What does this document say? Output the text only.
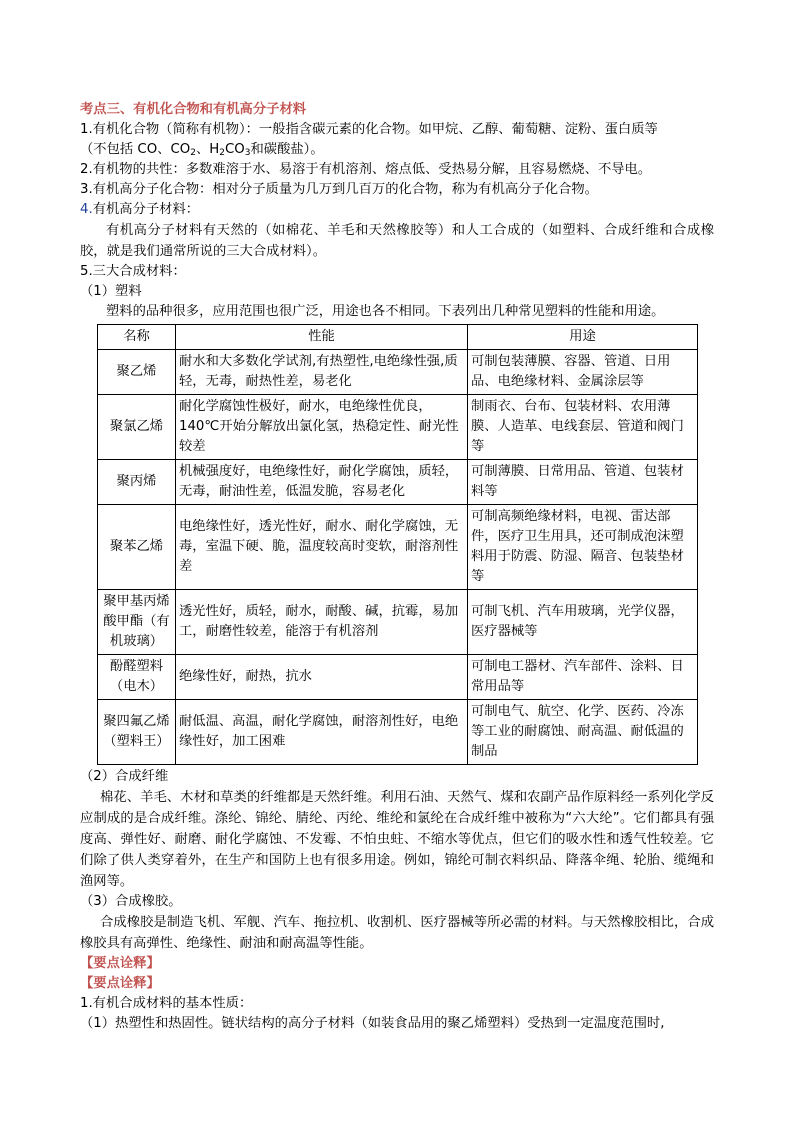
考点三、有机化合物和有机高分子材料
1.有机化合物（简称有机物）：一般指含碳元素的化合物。如甲烷、乙醇、葡萄糖、淀粉、蛋白质等
（不包括 CO、$CO_2$、$H_2CO_3$和碳酸盐）。
2.有机物的共性：多数难溶于水、易溶于有机溶剂、熔点低、受热易分解，且容易燃烧、不导电。
3.有机高分子化合物：相对分子质量为几万到几百万的化合物，称为有机高分子化合物。
4.有机高分子材料：
有机高分子材料有天然的（如棉花、羊毛和天然橡胶等）和人工合成的（如塑料、合成纤维和合成橡胶，就是我们通常所说的三大合成材料）。
5.三大合成材料：
（1）塑料
塑料的品种很多，应用范围也很广泛，用途也各不相同。下表列出几种常见塑料的性能和用途。
名称	性能	用途
聚乙烯	耐水和大多数化学试剂,有热塑性,电绝缘性强,质轻，无毒，耐热性差，易老化	可制包装薄膜、容器、管道、日用品、电绝缘材料、金属涂层等
聚氯乙烯	耐化学腐蚀性极好，耐水，电绝缘性优良，140℃开始分解放出氯化氢，热稳定性、耐光性较差	制雨衣、台布、包装材料、农用薄膜、人造革、电线套层、管道和阀门等
聚丙烯	机械强度好，电绝缘性好，耐化学腐蚀，质轻，无毒，耐油性差，低温发脆，容易老化	可制薄膜、日常用品、管道、包装材料等
聚苯乙烯	电绝缘性好，透光性好，耐水、耐化学腐蚀，无毒，室温下硬、脆，温度较高时变软，耐溶剂性差	可制高频绝缘材料，电视、雷达部件，医疗卫生用具，还可制成泡沫塑料用于防震、防湿、隔音、包装垫材等
聚甲基丙烯酸甲酯（有机玻璃）	透光性好，质轻，耐水，耐酸、碱，抗霉，易加工，耐磨性较差，能溶于有机溶剂	可制飞机、汽车用玻璃，光学仪器，医疗器械等
酚醛塑料（电木）	绝缘性好，耐热，抗水	可制电工器材、汽车部件、涂料、日常用品等
聚四氟乙烯（塑料王）	耐低温、高温，耐化学腐蚀，耐溶剂性好，电绝缘性好，加工困难	可制电气、航空、化学、医药、冷冻等工业的耐腐蚀、耐高温、耐低温的制品
（2）合成纤维
棉花、羊毛、木材和草类的纤维都是天然纤维。利用石油、天然气、煤和农副产品作原料经一系列化学反应制成的是合成纤维。涤纶、锦纶、腈纶、丙纶、维纶和氯纶在合成纤维中被称为“六大纶”。它们都具有强度高、弹性好、耐磨、耐化学腐蚀、不发霉、不怕虫蛀、不缩水等优点，但它们的吸水性和透气性较差。它们除了供人类穿着外，在生产和国防上也有很多用途。例如，锦纶可制衣料织品、降落伞绳、轮胎、缆绳和渔网等。
（3）合成橡胶。
合成橡胶是制造飞机、军舰、汽车、拖拉机、收割机、医疗器械等所必需的材料。与天然橡胶相比，合成橡胶具有高弹性、绝缘性、耐油和耐高温等性能。
【要点诠释】
【要点诠释】
1.有机合成材料的基本性质：
（1）热塑性和热固性。链状结构的高分子材料（如装食品用的聚乙烯塑料）受热到一定温度范围时,
